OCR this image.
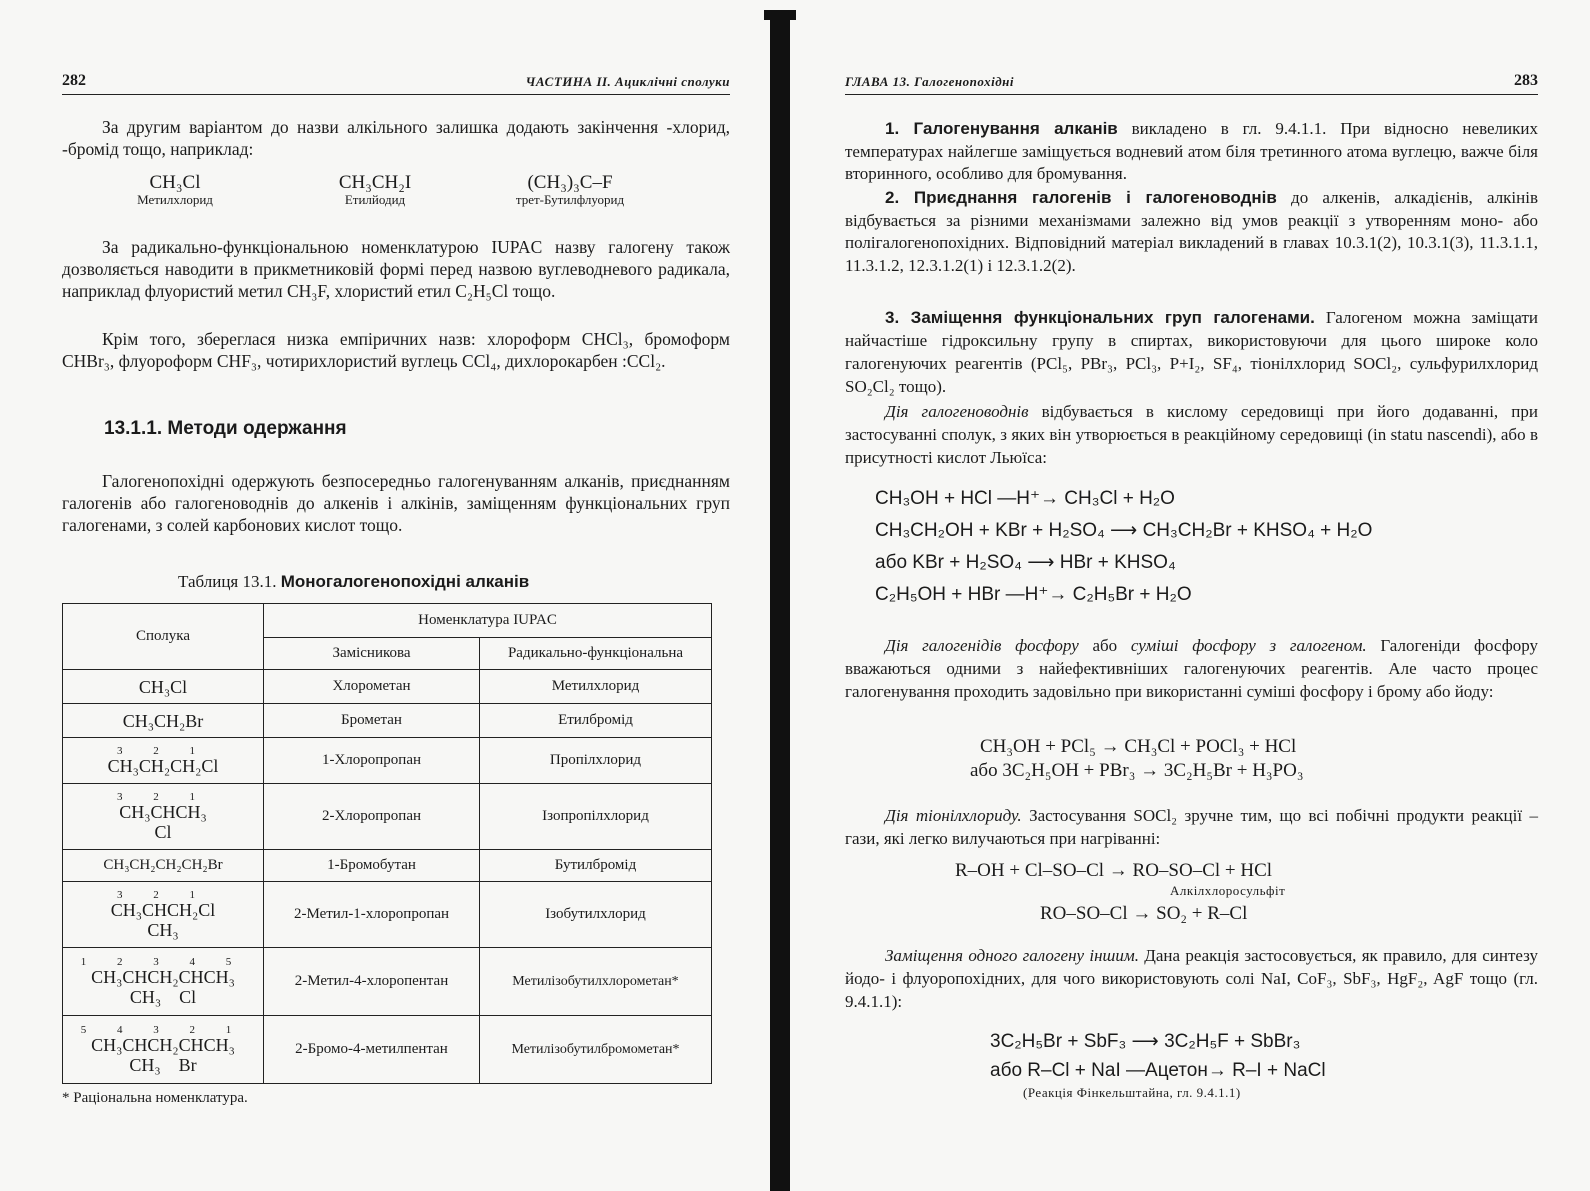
282	ЧАСТИНА II. Ациклічні сполуки

За другим варіантом до назви алкільного залишка додають закінчення -хлорид, -бромід тощо, наприклад:

CH₃Cl
Метилхлорид
CH₃CH₂I
Етилйодид
(CH₃)₃C–F
трет-Бутилфлуорид

За радикально-функціональною номенклатурою IUPAC назву галогену також дозволяється наводити в прикметниковій формі перед назвою вуглеводневого радикала, наприклад флуористий метил CH₃F, хлористий етил C₂H₅Cl тощо.

Крім того, збереглася низка емпіричних назв: хлороформ CHCl₃, бромоформ CHBr₃, флуороформ CHF₃, чотирихлористий вуглець CCl₄, дихлорокарбен :CCl₂.

13.1.1. Методи одержання

Галогенопохідні одержують безпосередньо галогенуванням алканів, приєднанням галогенів або галогеноводнів до алкенів і алкінів, заміщенням функціональних груп галогенами, з солей карбонових кислот тощо.

Таблиця 13.1. Моногалогенопохідні алканів
Сполука	Номенклатура IUPAC	
	Замісникова	Радикально-функціональна
CH₃Cl	Хлорометан	Метилхлорид
CH₃CH₂Br	Брометан	Етилбромід

3 2 1
CH₃CH₂CH₂Cl	1-Хлоропропан	Пропілхлорид

3 2 1
CH₃CHCH₃
Cl	2-Хлоропропан	Ізопропілхлорид
CH₃CH₂CH₂CH₂Br	1-Бромобутан	Бутилбромід

3 2 1
CH₃CHCH₂Cl
CH₃	2-Метил-1-хлоропропан	Ізобутилхлорид

1 2 3 4 5
CH₃CHCH₂CHCH₃
CH₃ Cl	2-Метил-4-хлоропентан	Метилізобутилхлорометан*

5 4 3 2 1
CH₃CHCH₂CHCH₃
CH₃ Br	2-Бромо-4-метилпентан	Метилізобутилбромометан*
* Раціональна номенклатура.
ГЛАВА 13. Галогенопохідні	283

1. Галогенування алканів викладено в гл. 9.4.1.1. При відносно невеликих температурах найлегше заміщується водневий атом біля третинного атома вуглецю, важче біля вторинного, особливо для бромування.

2. Приєднання галогенів і галогеноводнів до алкенів, алкадієнів, алкінів відбувається за різними механізмами залежно від умов реакції з утворенням моно- або полігалогенопохідних. Відповідний матеріал викладений в главах 10.3.1(2), 10.3.1(3), 11.3.1.1, 11.3.1.2, 12.3.1.2(1) і 12.3.1.2(2).

3. Заміщення функціональних груп галогенами. Галогеном можна заміщати найчастіше гідроксильну групу в спиртах, використовуючи для цього широке коло галогенуючих реагентів (PCl₅, PBr₃, PCl₃, P+I₂, SF₄, тіонілхлорид SOCl₂, сульфурилхлорид SO₂Cl₂ тощо).

Дія галогеноводнів відбувається в кислому середовищі при його додаванні, при застосуванні сполук, з яких він утворюється в реакційному середовищі (in statu nascendi), або в присутності кислот Льюїса:

CH₃OH + HCl —H⁺→ CH₃Cl + H₂O
CH₃CH₂OH + KBr + H₂SO₄ ⟶ CH₃CH₂Br + KHSO₄ + H₂O
або KBr + H₂SO₄ ⟶ HBr + KHSO₄
C₂H₅OH + HBr —H⁺→ C₂H₅Br + H₂O

Дія галогенідів фосфору або суміші фосфору з галогеном. Галогеніди фосфору вважаються одними з найефективніших галогенуючих реагентів. Але часто процес галогенування проходить задовільно при використанні суміші фосфору і брому або йоду:

CH₃OH + PCl₅ → CH₃Cl + POCl₃ + HCl
або 3C₂H₅OH + PBr₃ → 3C₂H₅Br + H₃PO₃

Дія тіонілхлориду. Застосування SOCl₂ зручне тим, що всі побічні продукти реакції – гази, які легко вилучаються при нагріванні:

R–OH + Cl–SO–Cl → RO–SO–Cl + HCl
Алкілхлоросульфіт
RO–SO–Cl → SO₂ + R–Cl

Заміщення одного галогену іншим. Дана реакція застосовується, як правило, для синтезу йодо- і флуоропохідних, для чого використовують солі NaI, CoF₃, SbF₃, HgF₂, AgF тощо (гл. 9.4.1.1):

3C₂H₅Br + SbF₃ ⟶ 3C₂H₅F + SbBr₃
або R–Cl + NaI —Ацетон→ R–I + NaCl
(Реакція Фінкельштайна, гл. 9.4.1.1)
